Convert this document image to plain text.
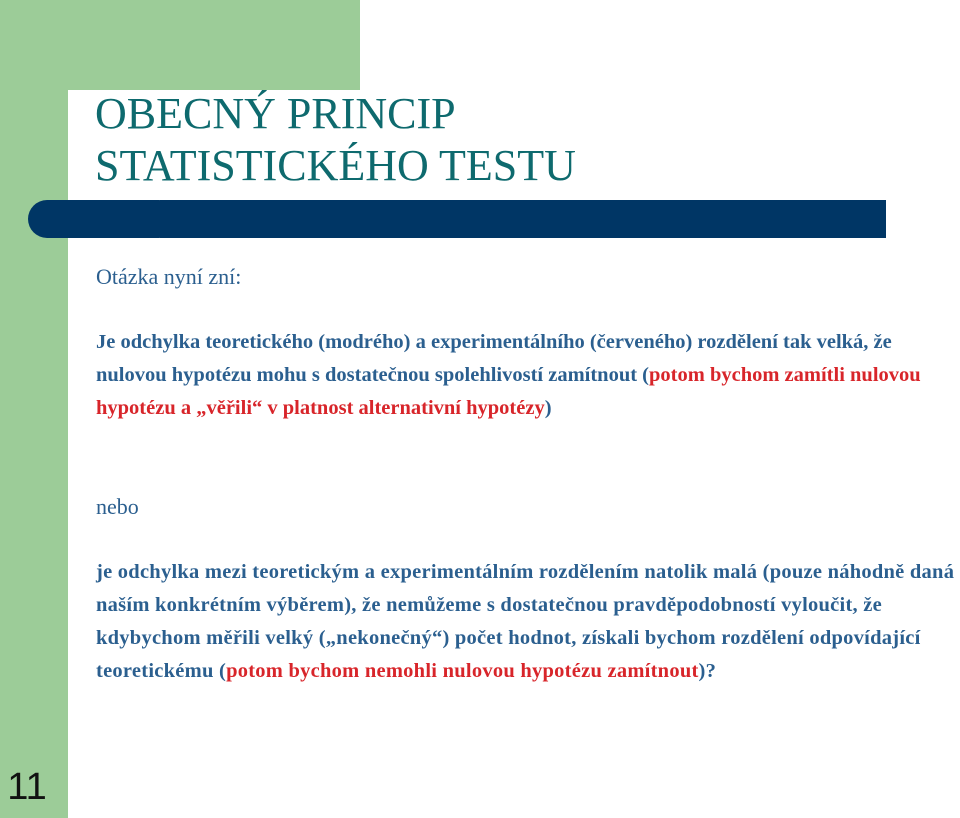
OBECNÝ PRINCIP
STATISTICKÉHO TESTU

Otázka nyní zní:

Je odchylka teoretického (modrého) a experimentálního (červeného) rozdělení tak velká, že nulovou hypotézu mohu s dostatečnou spolehlivostí zamítnout (potom bychom zamítli nulovou hypotézu a „věřili“ v platnost alternativní hypotézy)

nebo

je odchylka mezi teoretickým a experimentálním rozdělením natolik malá (pouze náhodně daná naším konkrétním výběrem), že nemůžeme s dostatečnou pravděpodobností vyloučit, že kdybychom měřili velký („nekonečný“) počet hodnot, získali bychom rozdělení odpovídající teoretickému (potom bychom nemohli nulovou hypotézu zamítnout)?

11
